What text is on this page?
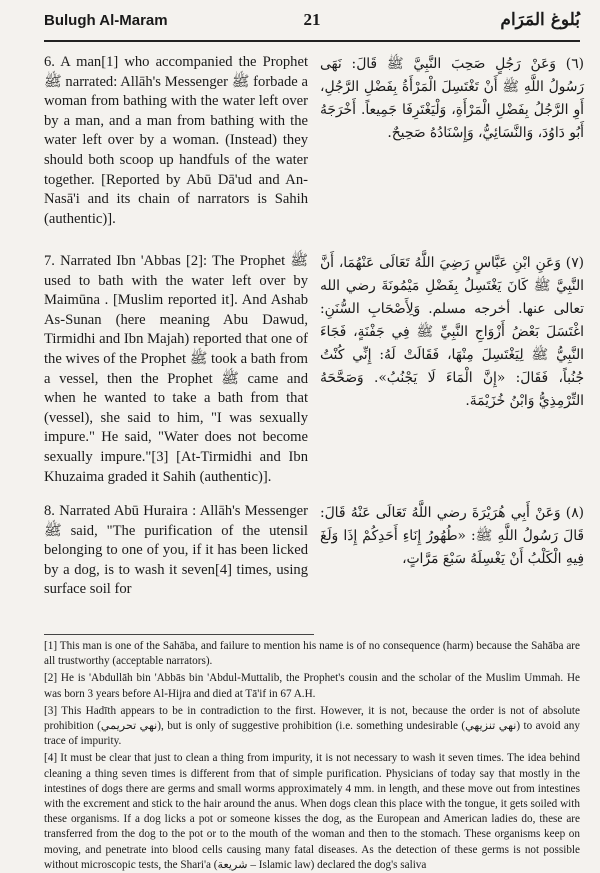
Bulugh Al-Maram	21	بُلوغ المَرَام
6. A man[1] who accompanied the Prophet ﷺ narrated: Allāh's Messenger ﷺ forbade a woman from bathing with the water left over by a man, and a man from bathing with the water left over by a woman. (Instead) they should both scoop up handfuls of the water together. [Reported by Abū Dā'ud and An-Nasā'i and its chain of narrators is Sahih (authentic)].
(٦) وَعَنْ رَجُلٍ صَحِبَ النَّبِيَّ ﷺ قَالَ: نَهَى رَسُولُ اللَّهِ ﷺ أَنْ تَغْتَسِلَ الْمَرْأَةُ بِفَضْلِ الرَّجُلِ، أَوِ الرَّجُلُ بِفَضْلِ الْمَرْأَةِ، وَلْيَغْتَرِفَا جَمِيعاً. أَخْرَجَهُ أَبُو دَاوُدَ، وَالنَّسَائِيُّ، وَإِسْنَادُهُ صَحِيحٌ.
7. Narrated Ibn 'Abbas [2]: The Prophet ﷺ used to bath with the water left over by Maimūna . [Muslim reported it]. And Ashab As-Sunan (here meaning Abu Dawud, Tirmidhi and Ibn Majah) reported that one of the wives of the Prophet ﷺ took a bath from a vessel, then the Prophet ﷺ came and when he wanted to take a bath from that (vessel), she said to him, "I was sexually impure." He said, "Water does not become sexually impure."[3] [At-Tirmidhi and Ibn Khuzaima graded it Sahih (authentic)].
(٧) وَعَنِ ابْنِ عَبَّاسٍ رَضِيَ اللَّهُ تَعَالَى عَنْهُمَا، أَنَّ النَّبِيَّ ﷺ كَانَ يَغْتَسِلُ بِفَضْلِ مَيْمُونَةَ رضي الله تعالى عنها. أخرجه مسلم. وَلِأَصْحَابِ السُّنَنِ: اغْتَسَلَ بَعْضُ أَزْوَاجِ النَّبِيِّ ﷺ فِي جَفْنَةٍ، فَجَاءَ النَّبِيُّ ﷺ لِيَغْتَسِلَ مِنْهَا، فَقَالَتْ لَهُ: إِنِّي كُنْتُ جُنُباً، فَقَالَ: «إِنَّ الْمَاءَ لَا يَجْنُبُ». وَصَحَّحَهُ التِّرْمِذِيُّ وَابْنُ خُزَيْمَةَ.
8. Narrated Abū Huraira : Allāh's Messenger ﷺ said, "The purification of the utensil belonging to one of you, if it has been licked by a dog, is to wash it seven[4] times, using surface soil for
(٨) وَعَنْ أَبِي هُرَيْرَةَ رضي اللَّهُ تَعَالَى عَنْهُ قَالَ: قَالَ رَسُولُ اللَّهِ ﷺ: «طُهُورُ إِنَاءِ أَحَدِكُمْ إِذَا وَلَغَ فِيهِ الْكَلْبُ أَنْ يَغْسِلَهُ سَبْعَ مَرَّاتٍ،

[1] This man is one of the Sahāba, and failure to mention his name is of no consequence (harm) because the Sahāba are all trustworthy (acceptable narrators).

[2] He is 'Abdullāh bin 'Abbās bin 'Abdul-Muttalib, the Prophet's cousin and the scholar of the Muslim Ummah. He was born 3 years before Al-Hijra and died at Tā'if in 67 A.H.

[3] This Hadīth appears to be in contradiction to the first. However, it is not, because the order is not of absolute prohibition (نهي تحريمي), but is only of suggestive prohibition (i.e. something undesirable (نهي تنزيهي) to avoid any trace of impurity.

[4] It must be clear that just to clean a thing from impurity, it is not necessary to wash it seven times. The idea behind cleaning a thing seven times is different from that of simple purification. Physicians of today say that mostly in the intestines of dogs there are germs and small worms approximately 4 mm. in length, and these move out from intestines with the excrement and stick to the hair around the anus. When dogs clean this place with the tongue, it gets soiled with these organisms. If a dog licks a pot or someone kisses the dog, as the European and American ladies do, these are transferred from the dog to the pot or to the mouth of the woman and then to the stomach. These organisms keep on moving, and penetrate into blood cells causing many fatal diseases. As the detection of these germs is not possible without microscopic tests, the Shari'a (شريعة – Islamic law) declared the dog's saliva
